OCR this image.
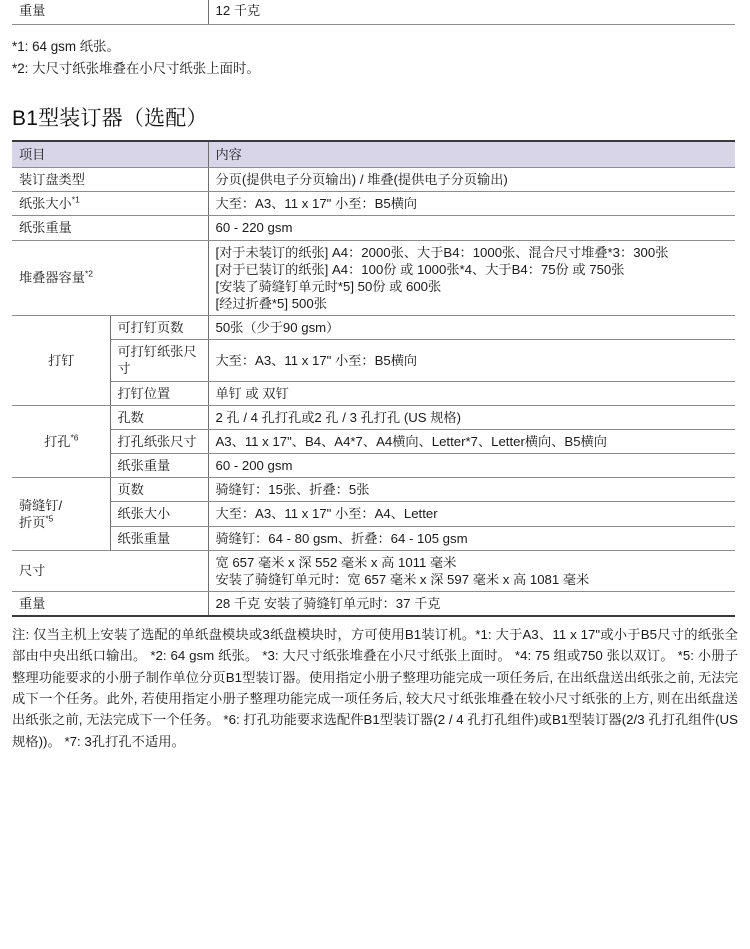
重量	12 千克
*1: 64 gsm 纸张。
*2: 大尺寸纸张堆叠在小尺寸纸张上面时。
B1型装订器（选配）
项目		内容
装订盘类型		分页(提供电子分页输出) / 堆叠(提供电子分页输出)
纸张大小$^{*1}$		大至：A3、11 x 17" 小至：B5横向
纸张重量		60 - 220 gsm
堆叠器容量$^{*2}$		[对于未装订的纸张] A4：2000张、大于B4：1000张、混合尺寸堆叠*3：300张
[对于已装订的纸张] A4：100份 或 1000张*4、大于B4：75份 或 750张
[安装了骑缝钉单元时*5] 50份 或 600张
[经过折叠*5] 500张

打钉	可打钉页数	50张（少于90 gsm）
	可打钉纸张尺寸	大至：A3、11 x 17" 小至：B5横向
	打钉位置	单钉 或 双钉
打孔$^{*6}$	孔数	2 孔 / 4 孔打孔或2 孔 / 3 孔打孔 (US 规格)
	打孔纸张尺寸	A3、11 x 17"、B4、A4*7、A4横向、Letter*7、Letter横向、B5横向
	纸张重量	60 - 200 gsm

骑缝钉/
折页$^{*5}$	页数	骑缝钉：15张、折叠：5张
	纸张大小	大至：A3、11 x 17" 小至：A4、Letter
	纸张重量	骑缝钉：64 - 80 gsm、折叠：64 - 105 gsm
尺寸		宽 657 毫米 x 深 552 毫米 x 高 1011 毫米
安装了骑缝钉单元时：宽 657 毫米 x 深 597 毫米 x 高 1081 毫米

重量		28 千克 安装了骑缝钉单元时：37 千克
注: 仅当主机上安装了选配的单纸盘模块或3纸盘模块时，方可使用B1装订机。*1: 大于A3、11 x 17"或小于B5尺寸的纸张全部由中央出纸口输出。 *2: 64 gsm 纸张。 *3: 大尺寸纸张堆叠在小尺寸纸张上面时。 *4: 75 组或750 张以双订。 *5: 小册子整理功能要求的小册子制作单位分页B1型装订器。使用指定小册子整理功能完成一项任务后, 在出纸盘送出纸张之前, 无法完成下一个任务。此外, 若使用指定小册子整理功能完成一项任务后, 较大尺寸纸张堆叠在较小尺寸纸张的上方, 则在出纸盘送出纸张之前, 无法完成下一个任务。 *6: 打孔功能要求选配件B1型装订器(2 / 4 孔打孔组件)或B1型装订器(2/3 孔打孔组件(US 规格))。 *7: 3孔打孔不适用。
